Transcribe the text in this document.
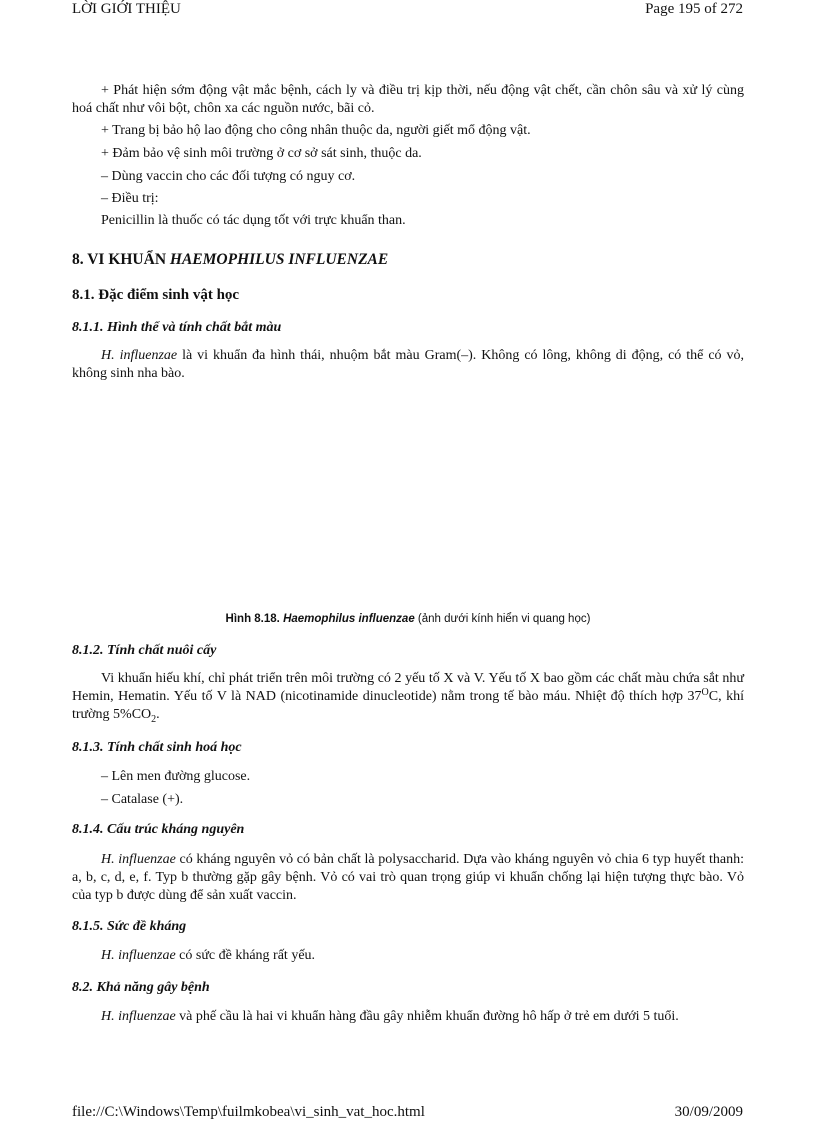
LỜI GIỚI THIỆU	Page 195 of 272

+ Phát hiện sớm động vật mắc bệnh, cách ly và điều trị kịp thời, nếu động vật chết, cần chôn sâu và xử lý cùng hoá chất như vôi bột, chôn xa các nguồn nước, bãi cỏ.

+ Trang bị bảo hộ lao động cho công nhân thuộc da, người giết mổ động vật.

+ Đảm bảo vệ sinh môi trường ở cơ sở sát sinh, thuộc da.

– Dùng vaccin cho các đối tượng có nguy cơ.

– Điều trị:

Penicillin là thuốc có tác dụng tốt với trực khuẩn than.

8. VI KHUẨN HAEMOPHILUS INFLUENZAE
8.1. Đặc điểm sinh vật học
8.1.1. Hình thể và tính chất bắt màu

H. influenzae là vi khuẩn đa hình thái, nhuộm bắt màu Gram(–). Không có lông, không di động, có thể có vỏ, không sinh nha bào.

Hình 8.18. Haemophilus influenzae (ảnh dưới kính hiển vi quang học)
8.1.2. Tính chất nuôi cấy

Vi khuẩn hiếu khí, chỉ phát triển trên môi trường có 2 yếu tố X và V. Yếu tố X bao gồm các chất màu chứa sắt như Hemin, Hematin. Yếu tố V là NAD (nicotinamide dinucleotide) nằm trong tế bào máu. Nhiệt độ thích hợp $37^OC$, khí trường $5\%CO_2$.

8.1.3. Tính chất sinh hoá học

– Lên men đường glucose.

– Catalase (+).

8.1.4. Cấu trúc kháng nguyên

H. influenzae có kháng nguyên vỏ có bản chất là polysaccharid. Dựa vào kháng nguyên vỏ chia 6 typ huyết thanh: a, b, c, d, e, f. Typ b thường gặp gây bệnh. Vỏ có vai trò quan trọng giúp vi khuẩn chống lại hiện tượng thực bào. Vỏ của typ b được dùng để sản xuất vaccin.

8.1.5. Sức đề kháng

H. influenzae có sức đề kháng rất yếu.

8.2. Khả năng gây bệnh

H. influenzae và phế cầu là hai vi khuẩn hàng đầu gây nhiễm khuẩn đường hô hấp ở trẻ em dưới 5 tuổi.

file://C:\Windows\Temp\fuilmkobea\vi_sinh_vat_hoc.html	30/09/2009
